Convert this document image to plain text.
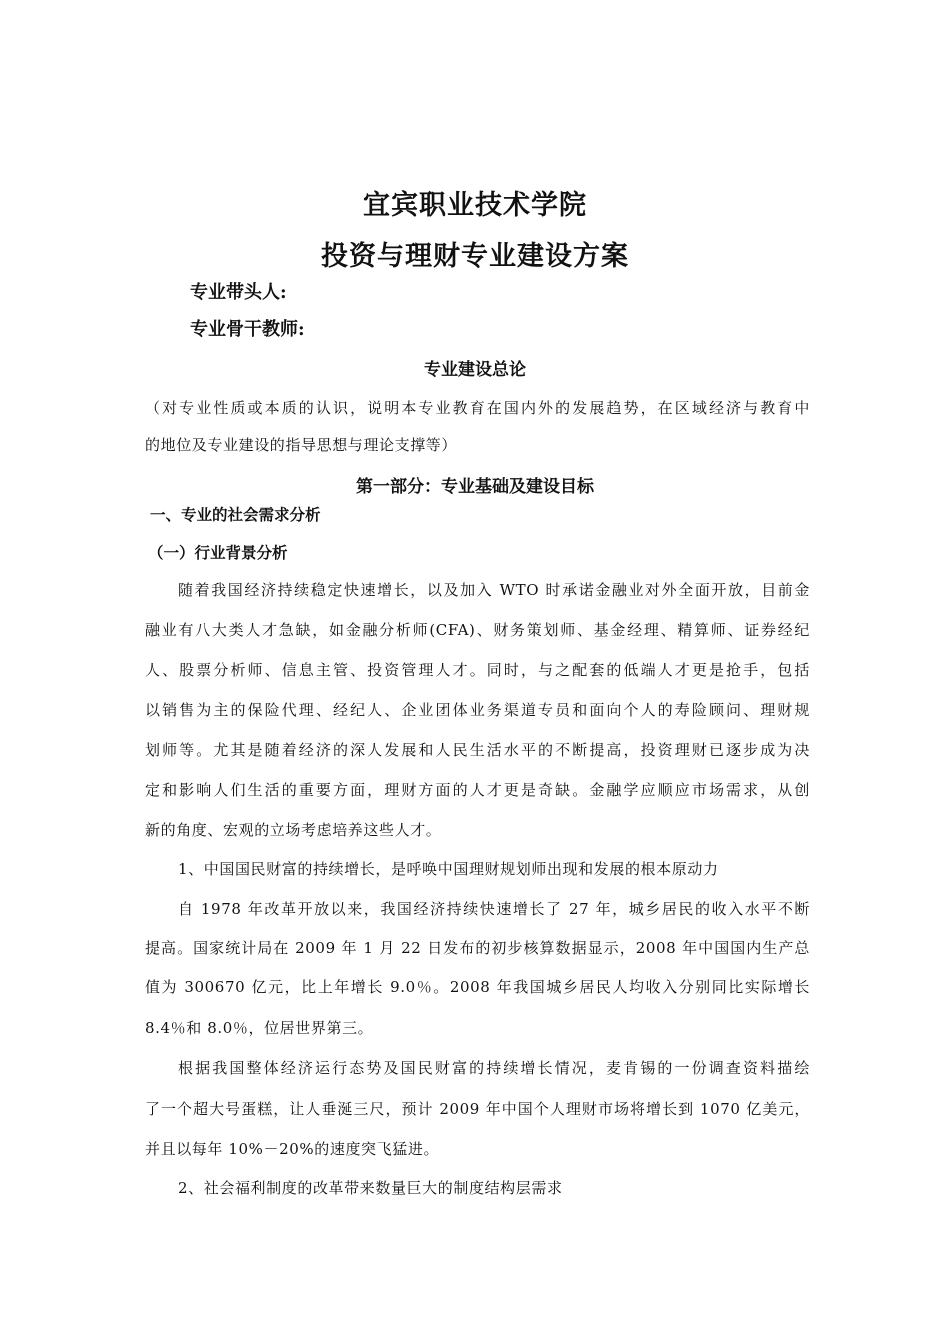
宜宾职业技术学院
投资与理财专业建设方案
专业带头人:
专业骨干教师:
专业建设总论
（对专业性质或本质的认识，说明本专业教育在国内外的发展趋势，在区域经济与教育中
的地位及专业建设的指导思想与理论支撑等）
第一部分：专业基础及建设目标
一、专业的社会需求分析
（一）行业背景分析
随着我国经济持续稳定快速增长，以及加入 WTO 时承诺金融业对外全面开放，目前金
融业有八大类人才急缺，如金融分析师(CFA)、财务策划师、基金经理、精算师、证券经纪
人、股票分析师、信息主管、投资管理人才。同时，与之配套的低端人才更是抢手，包括
以销售为主的保险代理、经纪人、企业团体业务渠道专员和面向个人的寿险顾问、理财规
划师等。尤其是随着经济的深人发展和人民生活水平的不断提高，投资理财已逐步成为决
定和影响人们生活的重要方面，理财方面的人才更是奇缺。金融学应顺应市场需求，从创
新的角度、宏观的立场考虑培养这些人才。
1、中国国民财富的持续增长，是呼唤中国理财规划师出现和发展的根本原动力
自 1978 年改革开放以来，我国经济持续快速增长了 27 年，城乡居民的收入水平不断
提高。国家统计局在 2009 年 1 月 22 日发布的初步核算数据显示，2008 年中国国内生产总
值为 300670 亿元，比上年增长 9.0％。2008 年我国城乡居民人均收入分别同比实际增长
8.4％和 8.0％，位居世界第三。
根据我国整体经济运行态势及国民财富的持续增长情况，麦肯锡的一份调查资料描绘
了一个超大号蛋糕，让人垂涎三尺，预计 2009 年中国个人理财市场将增长到 1070 亿美元，
并且以每年 10%－20%的速度突飞猛进。
2、社会福利制度的改革带来数量巨大的制度结构层需求
